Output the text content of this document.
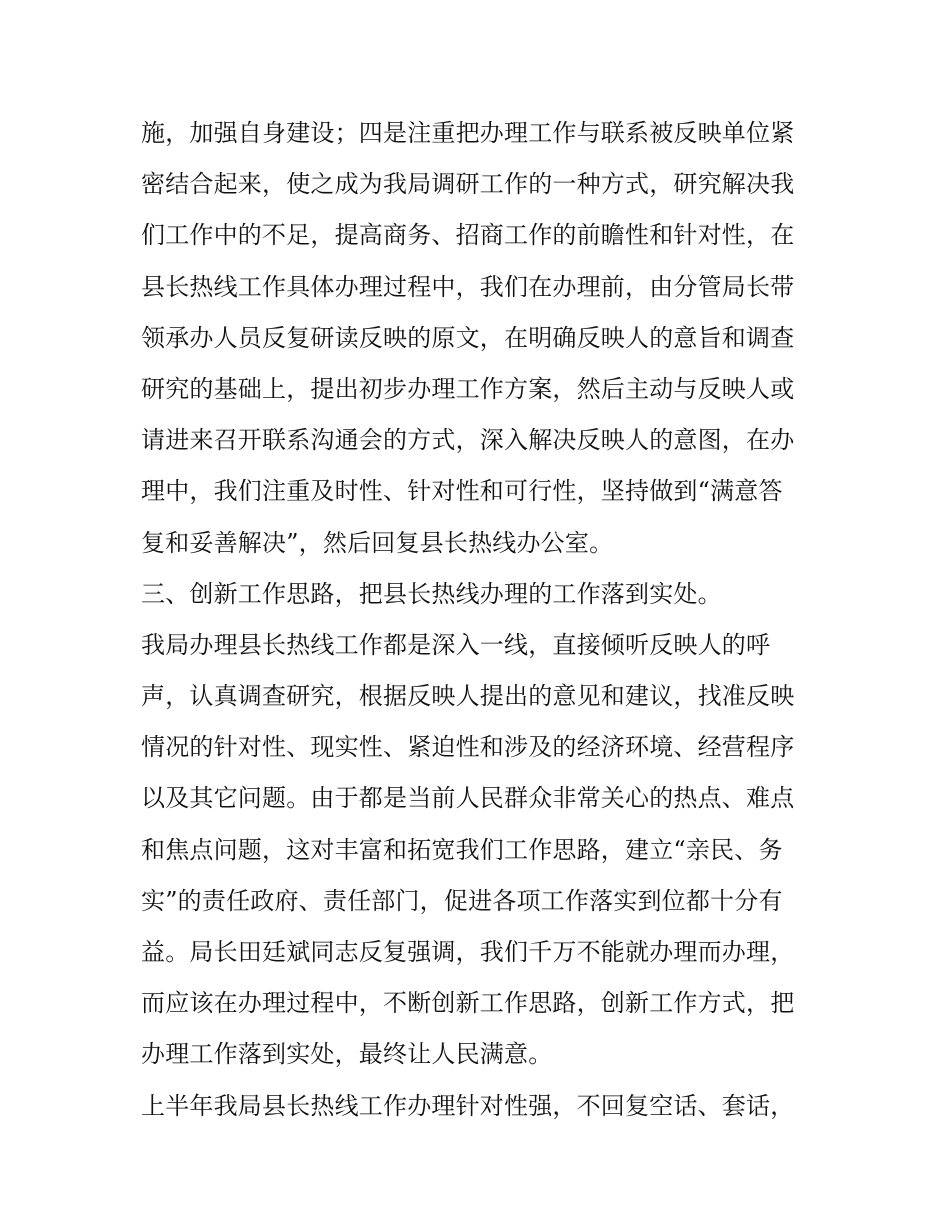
施，加强自身建设；四是注重把办理工作与联系被反映单位紧
密结合起来，使之成为我局调研工作的一种方式，研究解决我
们工作中的不足，提高商务、招商工作的前瞻性和针对性，在
县长热线工作具体办理过程中，我们在办理前，由分管局长带
领承办人员反复研读反映的原文，在明确反映人的意旨和调查
研究的基础上，提出初步办理工作方案，然后主动与反映人或
请进来召开联系沟通会的方式，深入解决反映人的意图，在办
理中，我们注重及时性、针对性和可行性，坚持做到“满意答
复和妥善解决”，然后回复县长热线办公室。
三、创新工作思路，把县长热线办理的工作落到实处。
我局办理县长热线工作都是深入一线，直接倾听反映人的呼
声，认真调查研究，根据反映人提出的意见和建议，找准反映
情况的针对性、现实性、紧迫性和涉及的经济环境、经营程序
以及其它问题。由于都是当前人民群众非常关心的热点、难点
和焦点问题，这对丰富和拓宽我们工作思路，建立“亲民、务
实”的责任政府、责任部门，促进各项工作落实到位都十分有
益。局长田廷斌同志反复强调，我们千万不能就办理而办理，
而应该在办理过程中，不断创新工作思路，创新工作方式，把
办理工作落到实处，最终让人民满意。
上半年我局县长热线工作办理针对性强，不回复空话、套话，
